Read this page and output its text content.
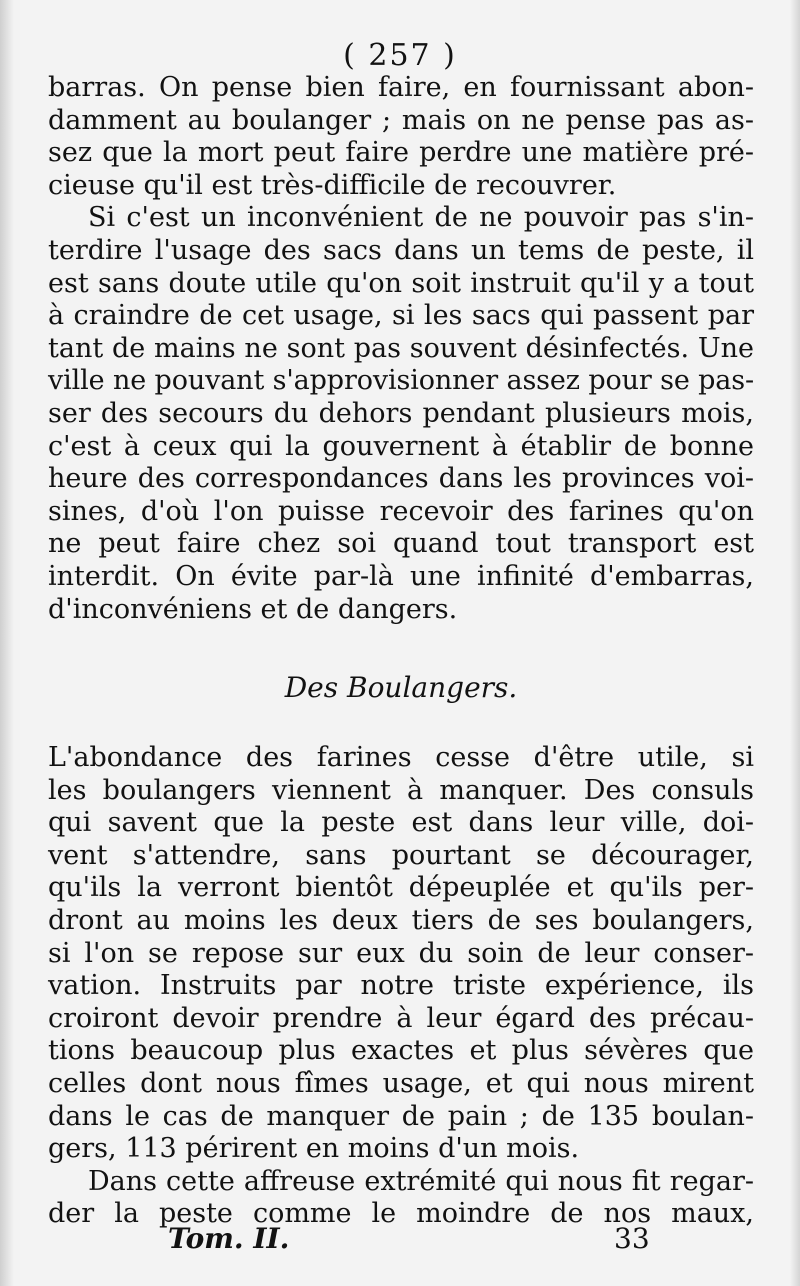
( 257 )
barras. On pense bien faire, en fournissant abon-
damment au boulanger ; mais on ne pense pas as-
sez que la mort peut faire perdre une matière pré-
cieuse qu'il est très-difficile de recouvrer.
Si c'est un inconvénient de ne pouvoir pas s'in-
terdire l'usage des sacs dans un tems de peste, il
est sans doute utile qu'on soit instruit qu'il y a tout
à craindre de cet usage, si les sacs qui passent par
tant de mains ne sont pas souvent désinfectés. Une
ville ne pouvant s'approvisionner assez pour se pas-
ser des secours du dehors pendant plusieurs mois,
c'est à ceux qui la gouvernent à établir de bonne
heure des correspondances dans les provinces voi-
sines, d'où l'on puisse recevoir des farines qu'on
ne peut faire chez soi quand tout transport est
interdit. On évite par-là une infinité d'embarras,
d'inconvéniens et de dangers.
Des Boulangers.
L'abondance des farines cesse d'être utile, si
les boulangers viennent à manquer. Des consuls
qui savent que la peste est dans leur ville, doi-
vent s'attendre, sans pourtant se décourager,
qu'ils la verront bientôt dépeuplée et qu'ils per-
dront au moins les deux tiers de ses boulangers,
si l'on se repose sur eux du soin de leur conser-
vation. Instruits par notre triste expérience, ils
croiront devoir prendre à leur égard des précau-
tions beaucoup plus exactes et plus sévères que
celles dont nous fîmes usage, et qui nous mirent
dans le cas de manquer de pain ; de 135 boulan-
gers, 113 périrent en moins d'un mois.
Dans cette affreuse extrémité qui nous fit regar-
der la peste comme le moindre de nos maux,
Tom. II.	33
